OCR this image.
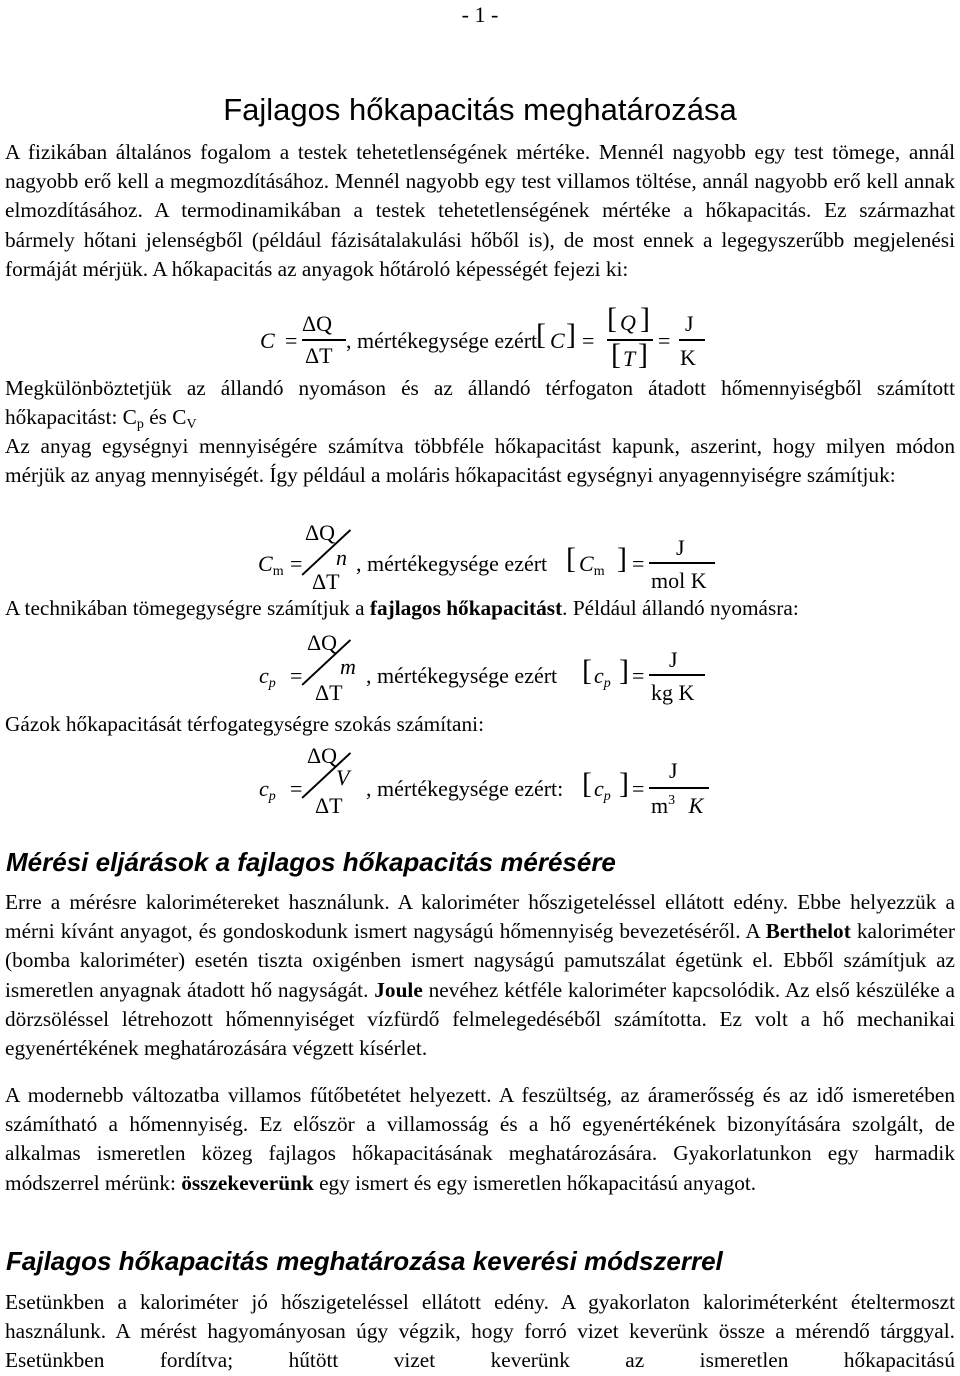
- 1 -
Fajlagos hőkapacitás meghatározása

A fizikában általános fogalom a testek tehetetlenségének mértéke. Mennél nagyobb egy test tömege, annál nagyobb erő kell a megmozdításához. Mennél nagyobb egy test villamos töltése, annál nagyobb erő kell annak elmozdításához. A termodinamikában a testek tehetetlenségének mértéke a hőkapacitás. Ez származhat bármely hőtani jelenségből (például fázisátalakulási hőből is), de most ennek a legegyszerűbb megjelenési formáját mérjük. A hőkapacitás az anyagok hőtároló képességét fejezi ki:

C =
ΔQ
ΔT
, mértékegysége ezért
[ C ] =
[ Q ]
[ T ] =
J
K

Megkülönböztetjük az állandó nyomáson és az állandó térfogaton átadott hőmennyiségből számított hőkapacitást: $C_p$ és $C_V$

Az anyag egységnyi mennyiségére számítva többféle hőkapacitást kapunk, aszerint, hogy milyen módon mérjük az anyag mennyiségét. Így például a moláris hőkapacitást egységnyi anyagennyiségre számítjuk:

$C_m$ =
ΔQ
n
ΔT
, mértékegysége ezért [ $C_m$ ] =
J
mol K

A technikában tömegegységre számítjuk a fajlagos hőkapacitást. Például állandó nyomásra:

$c_p$ =
ΔQ
m
ΔT
, mértékegysége ezért [ $c_p$ ] =
J
kg K

Gázok hőkapacitását térfogategységre szokás számítani:

$c_p$ =
ΔQ
V
ΔT
, mértékegysége ezért: [ $c_p$ ] =
J
$m^3$ K
Mérési eljárások a fajlagos hőkapacitás mérésére

Erre a mérésre kalorimétereket használunk. A kaloriméter hőszigeteléssel ellátott edény. Ebbe helyezzük a mérni kívánt anyagot, és gondoskodunk ismert nagyságú hőmennyiség bevezetéséről. A Berthelot kaloriméter (bomba kaloriméter) esetén tiszta oxigénben ismert nagyságú pamutszálat égetünk el. Ebből számítjuk az ismeretlen anyagnak átadott hő nagyságát. Joule nevéhez kétféle kaloriméter kapcsolódik. Az első készüléke a dörzsöléssel létrehozott hőmennyiséget vízfürdő felmelegedéséből számította. Ez volt a hő mechanikai egyenértékének meghatározására végzett kísérlet.

A modernebb változatba villamos fűtőbetétet helyezett. A feszültség, az áramerősség és az idő ismeretében számítható a hőmennyiség. Ez először a villamosság és a hő egyenértékének bizonyítására szolgált, de alkalmas ismeretlen közeg fajlagos hőkapacitásának meghatározására. Gyakorlatunkon egy harmadik módszerrel mérünk: összekeverünk egy ismert és egy ismeretlen hőkapacitású anyagot.

Fajlagos hőkapacitás meghatározása keverési módszerrel

Esetünkben a kaloriméter jó hőszigeteléssel ellátott edény. A gyakorlaton kaloriméterként ételtermoszt használunk. A mérést hagyományosan úgy végzik, hogy forró vizet keverünk össze a mérendő tárggyal. Esetünkben fordítva; hűtött vizet keverünk az ismeretlen hőkapacitású
